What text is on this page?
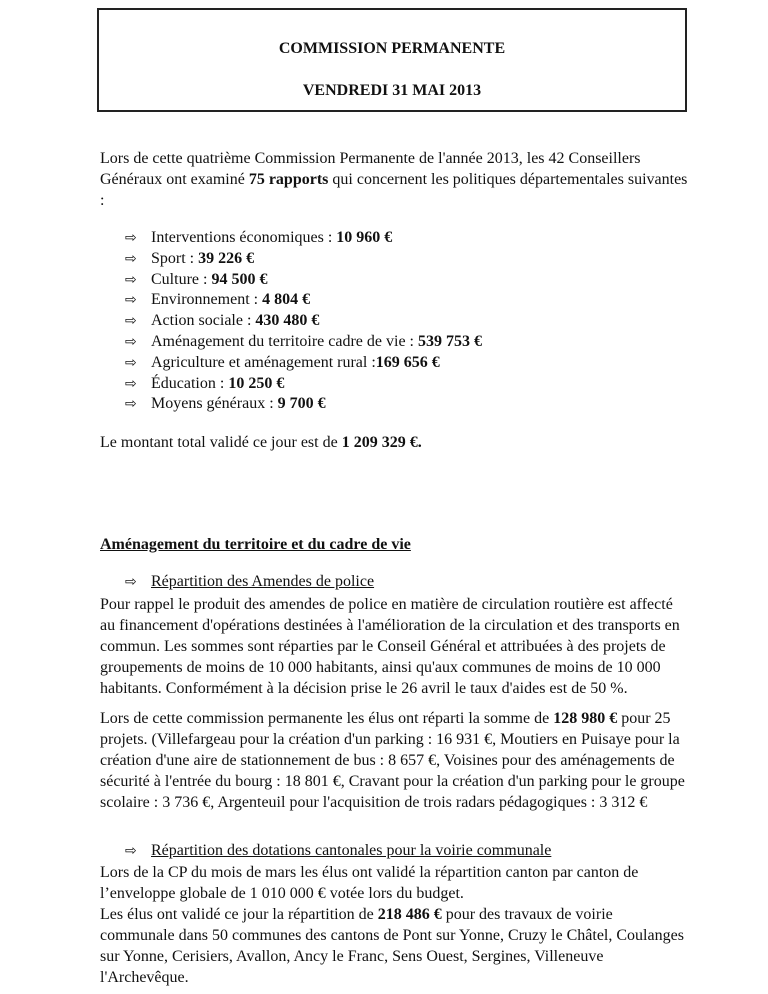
COMMISSION PERMANENTE
VENDREDI 31 MAI 2013
Lors de cette quatrième Commission Permanente de l'année 2013, les 42 Conseillers Généraux ont examiné 75 rapports qui concernent les politiques départementales suivantes :
⇨ Interventions économiques : 10 960 €
⇨ Sport : 39 226 €
⇨ Culture : 94 500 €
⇨ Environnement : 4 804 €
⇨ Action sociale : 430 480 €
⇨ Aménagement du territoire cadre de vie : 539 753 €
⇨ Agriculture et aménagement rural :169 656 €
⇨ Éducation : 10 250 €
⇨ Moyens généraux : 9 700 €
Le montant total validé ce jour est de 1 209 329 €.
Aménagement du territoire et du cadre de vie
⇨ Répartition des Amendes de police
Pour rappel le produit des amendes de police en matière de circulation routière est affecté au financement d'opérations destinées à l'amélioration de la circulation et des transports en commun. Les sommes sont réparties par le Conseil Général et attribuées à des projets de groupements de moins de 10 000 habitants, ainsi qu'aux communes de moins de 10 000 habitants. Conformément à la décision prise le 26 avril le taux d'aides est de 50 %.
Lors de cette commission permanente les élus ont réparti la somme de 128 980 € pour 25 projets. (Villefargeau pour la création d'un parking : 16 931 €, Moutiers en Puisaye pour la création d'une aire de stationnement de bus : 8 657 €, Voisines pour des aménagements de sécurité à l'entrée du bourg : 18 801 €, Cravant pour la création d'un parking pour le groupe scolaire : 3 736 €, Argenteuil pour l'acquisition de trois radars pédagogiques : 3 312 €
⇨ Répartition des dotations cantonales pour la voirie communale
Lors de la CP du mois de mars les élus ont validé la répartition canton par canton de l’enveloppe globale de 1 010 000 € votée lors du budget.
Les élus ont validé ce jour la répartition de 218 486 € pour des travaux de voirie communale dans 50 communes des cantons de Pont sur Yonne, Cruzy le Châtel, Coulanges sur Yonne, Cerisiers, Avallon, Ancy le Franc, Sens Ouest, Sergines, Villeneuve l'Archevêque.
